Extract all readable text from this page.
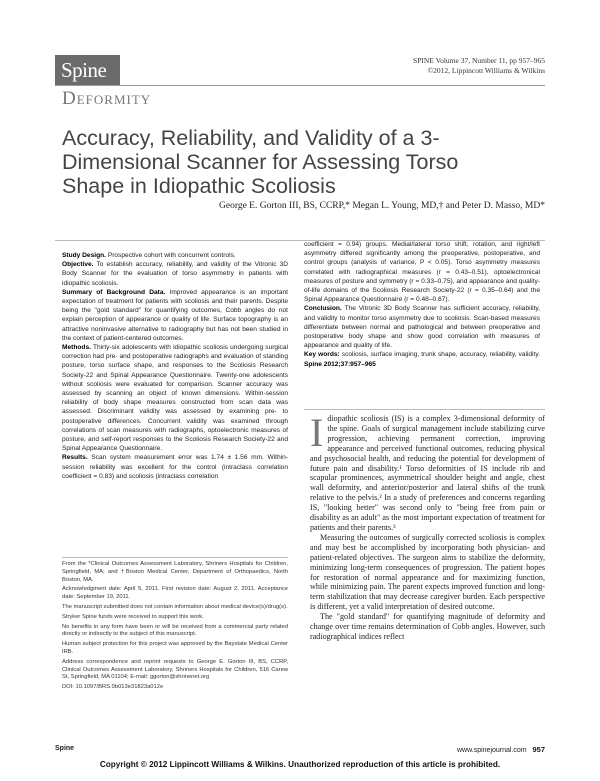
Spine	SPINE Volume 37, Number 11, pp 957–965
©2012, Lippincott Williams & Wilkins
Deformity
Accuracy, Reliability, and Validity of a 3-Dimensional Scanner for Assessing Torso Shape in Idiopathic Scoliosis
George E. Gorton III, BS, CCRP,* Megan L. Young, MD,† and Peter D. Masso, MD*

Study Design. Prospective cohort with concurrent controls.

Objective. To establish accuracy, reliability, and validity of the Vitronic 3D Body Scanner for the evaluation of torso asymmetry in patients with idiopathic scoliosis.

Summary of Background Data. Improved appearance is an important expectation of treatment for patients with scoliosis and their parents. Despite being the "gold standard" for quantifying outcomes, Cobb angles do not explain perception of appearance or quality of life. Surface topography is an attractive noninvasive alternative to radiography but has not been studied in the context of patient-centered outcomes.

Methods. Thirty-six adolescents with idiopathic scoliosis undergoing surgical correction had pre- and postoperative radiographs and evaluation of standing posture, torso surface shape, and responses to the Scoliosis Research Society-22 and Spinal Appearance Questionnaire. Twenty-one adolescents without scoliosis were evaluated for comparison. Scanner accuracy was assessed by scanning an object of known dimensions. Within-session reliability of body shape measures constructed from scan data was assessed. Discriminant validity was assessed by examining pre- to postoperative differences. Concurrent validity was examined through correlations of scan measures with radiographs, optoelectronic measures of posture, and self-report responses to the Scoliosis Research Society-22 and Spinal Appearance Questionnaire.

Results. Scan system measurement error was 1.74 ± 1.56 mm. Within-session reliability was excellent for the control (intraclass correlation coefficient = 0.83) and scoliosis (intraclass correlation

coefficient = 0.94) groups. Medial/lateral torso shift, rotation, and right/left asymmetry differed significantly among the preoperative, postoperative, and control groups (analysis of variance, P < 0.05). Torso asymmetry measures correlated with radiographical measures (r = 0.43–0.51), optoelectronical measures of posture and symmetry (r = 0.33–0.75), and appearance and quality-of-life domains of the Scoliosis Research Society-22 (r = 0.35–0.64) and the Spinal Appearance Questionnaire (r = 0.48–0.67).

Conclusion. The Vitronic 3D Body Scanner has sufficient accuracy, reliability, and validity to monitor torso asymmetry due to scoliosis. Scan-based measures differentiate between normal and pathological and between preoperative and postoperative body shape and show good correlation with measures of appearance and quality of life.

Key words: scoliosis, surface imaging, trunk shape, accuracy, reliability, validity. Spine 2012;37:957–965

Idiopathic scoliosis (IS) is a complex 3-dimensional deformity of the spine. Goals of surgical management include stabilizing curve progression, achieving permanent correction, improving appearance and perceived functional outcomes, reducing physical and psychosocial health, and reducing the potential for development of future pain and disability.¹ Torso deformities of IS include rib and scapular prominences, asymmetrical shoulder height and angle, chest wall deformity, and anterior/posterior and lateral shifts of the trunk relative to the pelvis.² In a study of preferences and concerns regarding IS, "looking better" was second only to "being free from pain or disability as an adult" as the most important expectation of treatment for patients and their parents.³

Measuring the outcomes of surgically corrected scoliosis is complex and may best be accomplished by incorporating both physician- and patient-related objectives. The surgeon aims to stabilize the deformity, minimizing long-term consequences of progression. The patient hopes for restoration of normal appearance and for maximizing function, while minimizing pain. The parent expects improved function and long-term stabilization that may decrease caregiver burden. Each perspective is different, yet a valid interpretation of desired outcome.

The "gold standard" for quantifying magnitude of deformity and change over time remains determination of Cobb angles. However, such radiographical indices reflect

From the *Clinical Outcomes Assessment Laboratory, Shriners Hospitals for Children, Springfield, MA; and †Boston Medical Center, Department of Orthopaedics, North Boston, MA.

Acknowledgment date: April 5, 2011. First revision date: August 2, 2011. Acceptance date: September 19, 2011.

The manuscript submitted does not contain information about medical device(s)/drug(s).

Stryker Spine funds were received to support this work.

No benefits in any form have been or will be received from a commercial party related directly or indirectly to the subject of this manuscript.

Human subject protection for this project was approved by the Baystate Medical Center IRB.

Address correspondence and reprint requests to George E. Gorton III, BS, CCRP, Clinical Outcomes Assessment Laboratory, Shriners Hospitals for Children, 516 Carew St, Springfield, MA 01104; E-mail: ggorton@shrinenet.org

DOI: 10.1097/BRS.0b013e31823a012e

Spine	www.spinejournal.com 957
Copyright © 2012 Lippincott Williams & Wilkins. Unauthorized reproduction of this article is prohibited.
